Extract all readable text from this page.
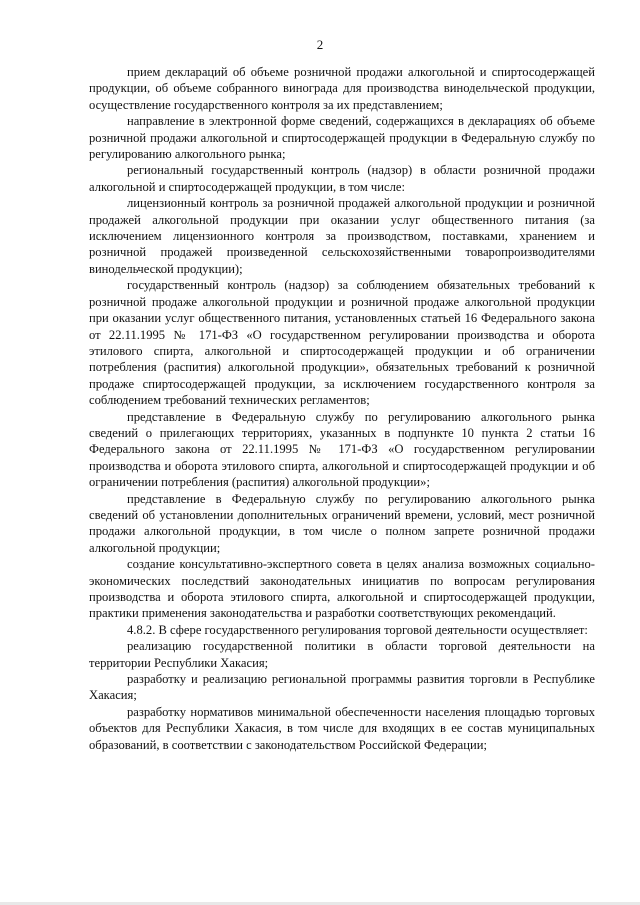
2

прием деклараций об объеме розничной продажи алкогольной и спиртосодержащей продукции, об объеме собранного винограда для производства винодельческой продукции, осуществление государственного контроля за их представлением;

направление в электронной форме сведений, содержащихся в декларациях об объеме розничной продажи алкогольной и спиртосодержащей продукции в Федеральную службу по регулированию алкогольного рынка;

региональный государственный контроль (надзор) в области розничной продажи алкогольной и спиртосодержащей продукции, в том числе:

лицензионный контроль за розничной продажей алкогольной продукции и розничной продажей алкогольной продукции при оказании услуг общественного питания (за исключением лицензионного контроля за производством, поставками, хранением и розничной продажей произведенной сельскохозяйственными товаропроизводителями винодельческой продукции);

государственный контроль (надзор) за соблюдением обязательных требований к розничной продаже алкогольной продукции и розничной продаже алкогольной продукции при оказании услуг общественного питания, установленных статьей 16 Федерального закона от 22.11.1995 № 171-ФЗ «О государственном регулировании производства и оборота этилового спирта, алкогольной и спиртосодержащей продукции и об ограничении потребления (распития) алкогольной продукции», обязательных требований к розничной продаже спиртосодержащей продукции, за исключением государственного контроля за соблюдением требований технических регламентов;

представление в Федеральную службу по регулированию алкогольного рынка сведений о прилегающих территориях, указанных в подпункте 10 пункта 2 статьи 16 Федерального закона от 22.11.1995 № 171-ФЗ «О государственном регулировании производства и оборота этилового спирта, алкогольной и спиртосодержащей продукции и об ограничении потребления (распития) алкогольной продукции»;

представление в Федеральную службу по регулированию алкогольного рынка сведений об установлении дополнительных ограничений времени, условий, мест розничной продажи алкогольной продукции, в том числе о полном запрете розничной продажи алкогольной продукции;

создание консультативно-экспертного совета в целях анализа возможных социально-экономических последствий законодательных инициатив по вопросам регулирования производства и оборота этилового спирта, алкогольной и спиртосодержащей продукции, практики применения законодательства и разработки соответствующих рекомендаций.

4.8.2. В сфере государственного регулирования торговой деятельности осуществляет:

реализацию государственной политики в области торговой деятельности на территории Республики Хакасия;

разработку и реализацию региональной программы развития торговли в Республике Хакасия;

разработку нормативов минимальной обеспеченности населения площадью торговых объектов для Республики Хакасия, в том числе для входящих в ее состав муниципальных образований, в соответствии с законодательством Российской Федерации;
